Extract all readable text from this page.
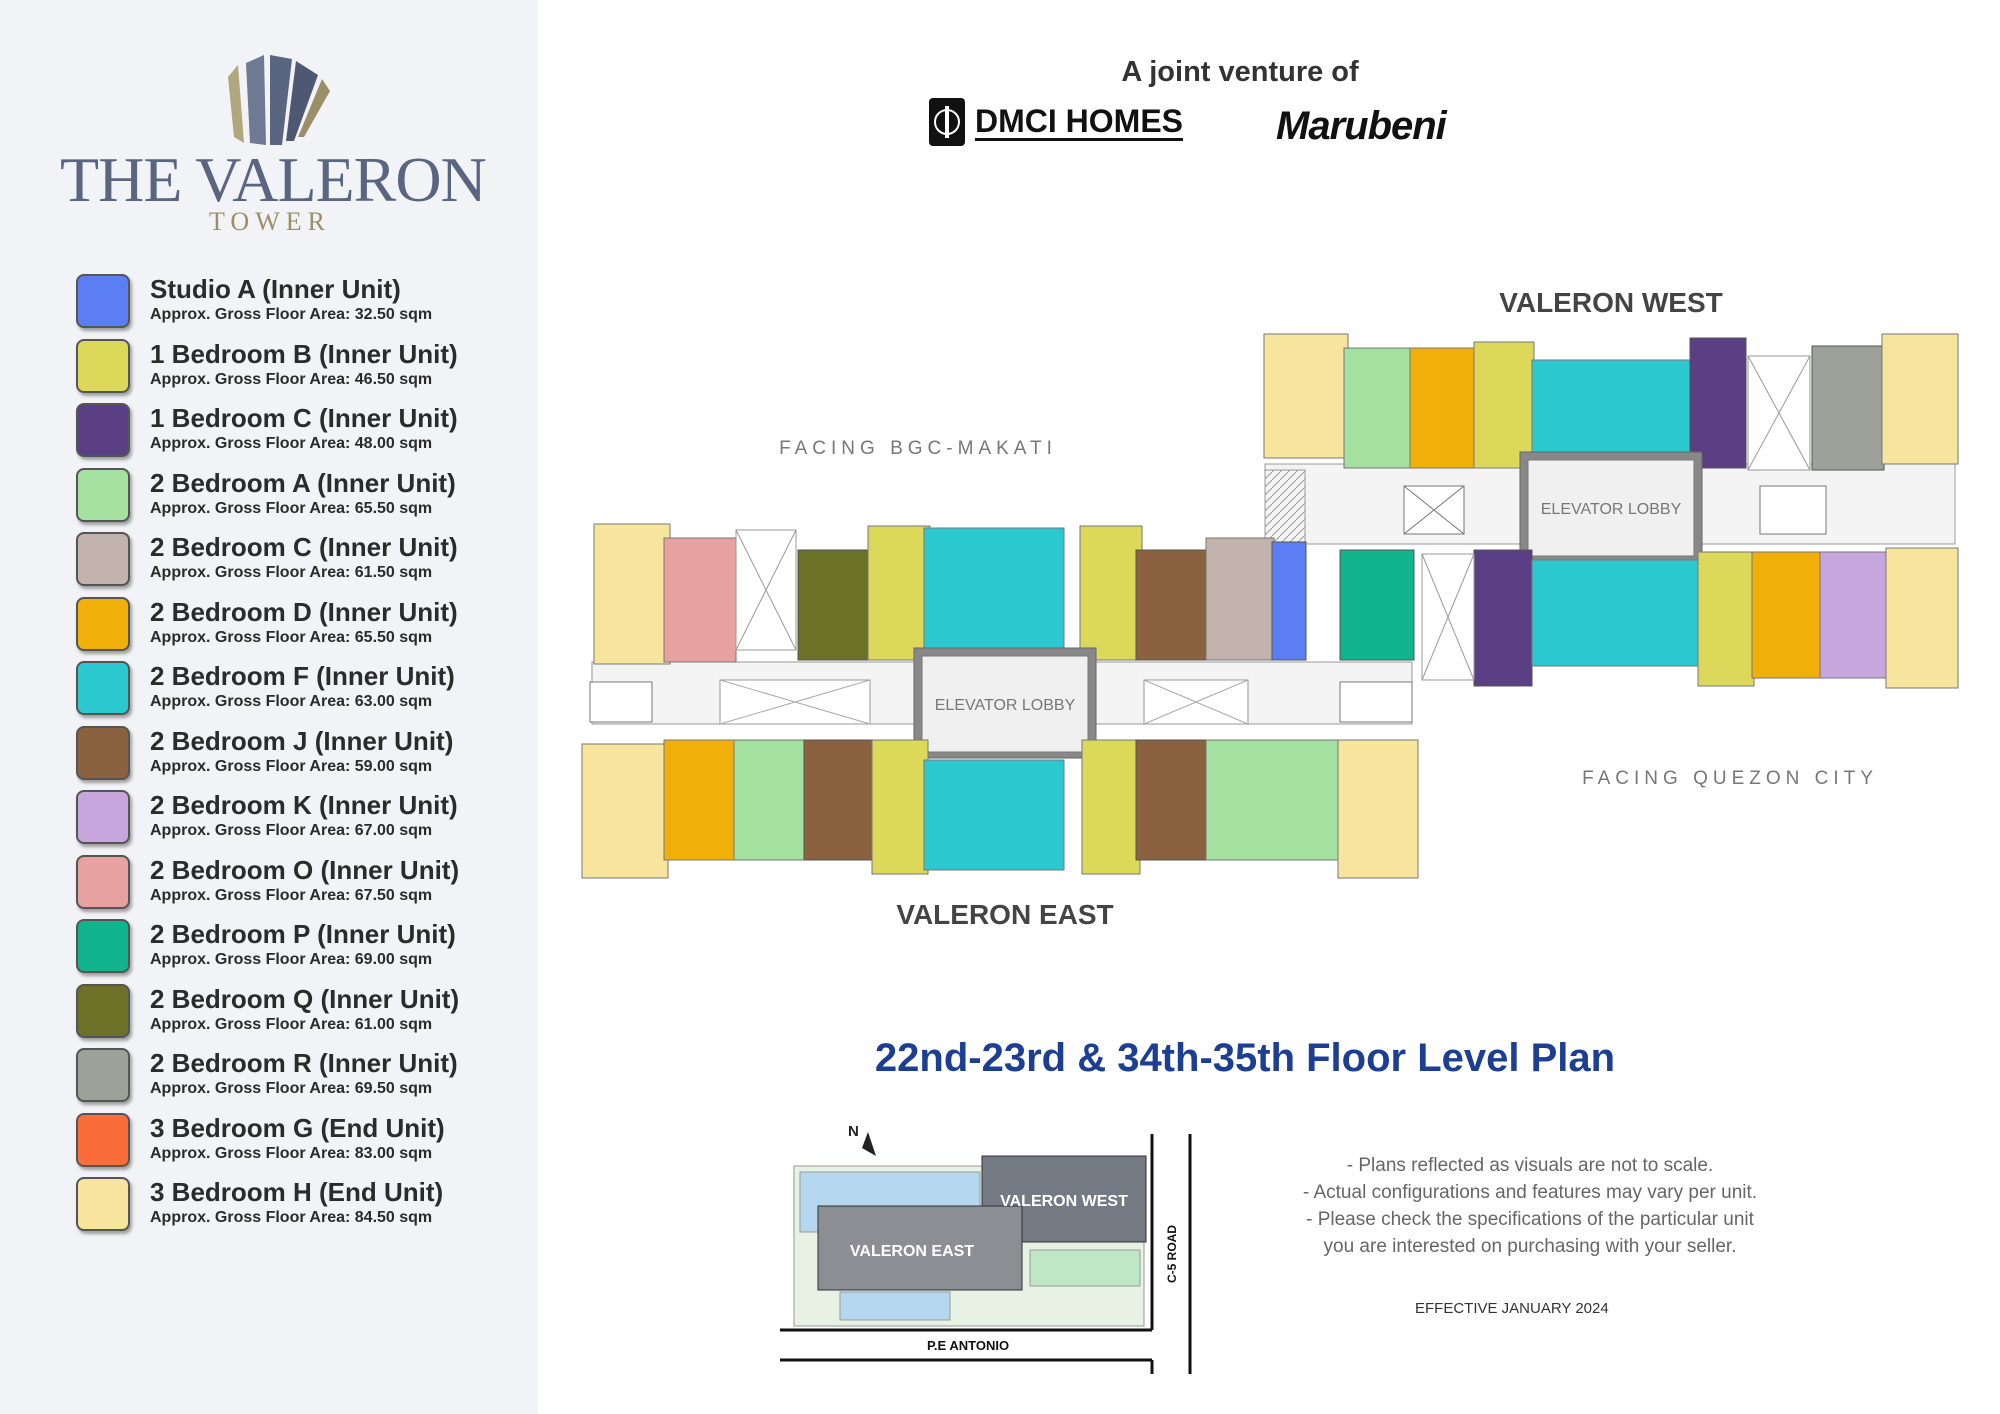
THE VALERON
TOWER
Studio A (Inner Unit)
Approx. Gross Floor Area: 32.50 sqm
1 Bedroom B (Inner Unit)
Approx. Gross Floor Area: 46.50 sqm
1 Bedroom C (Inner Unit)
Approx. Gross Floor Area: 48.00 sqm
2 Bedroom A (Inner Unit)
Approx. Gross Floor Area: 65.50 sqm
2 Bedroom C (Inner Unit)
Approx. Gross Floor Area: 61.50 sqm
2 Bedroom D (Inner Unit)
Approx. Gross Floor Area: 65.50 sqm
2 Bedroom F (Inner Unit)
Approx. Gross Floor Area: 63.00 sqm
2 Bedroom J (Inner Unit)
Approx. Gross Floor Area: 59.00 sqm
2 Bedroom K (Inner Unit)
Approx. Gross Floor Area: 67.00 sqm
2 Bedroom O (Inner Unit)
Approx. Gross Floor Area: 67.50 sqm
2 Bedroom P (Inner Unit)
Approx. Gross Floor Area: 69.00 sqm
2 Bedroom Q (Inner Unit)
Approx. Gross Floor Area: 61.00 sqm
2 Bedroom R (Inner Unit)
Approx. Gross Floor Area: 69.50 sqm
3 Bedroom G (End Unit)
Approx. Gross Floor Area: 83.00 sqm
3 Bedroom H (End Unit)
Approx. Gross Floor Area: 84.50 sqm
A joint venture of
DMCI HOMES Marubeni
ELEVATOR LOBBY
ELEVATOR LOBBY
VALERON WEST
VALERON EAST
FACING BGC-MAKATI
FACING QUEZON CITY
N
VALERON WEST
VALERON EAST	C-5 ROAD
P.E ANTONIO
22nd-23rd & 34th-35th Floor Level Plan
- Plans reflected as visuals are not to scale.
- Actual configurations and features may vary per unit.
- Please check the specifications of the particular unit
you are interested on purchasing with your seller.
EFFECTIVE JANUARY 2024
